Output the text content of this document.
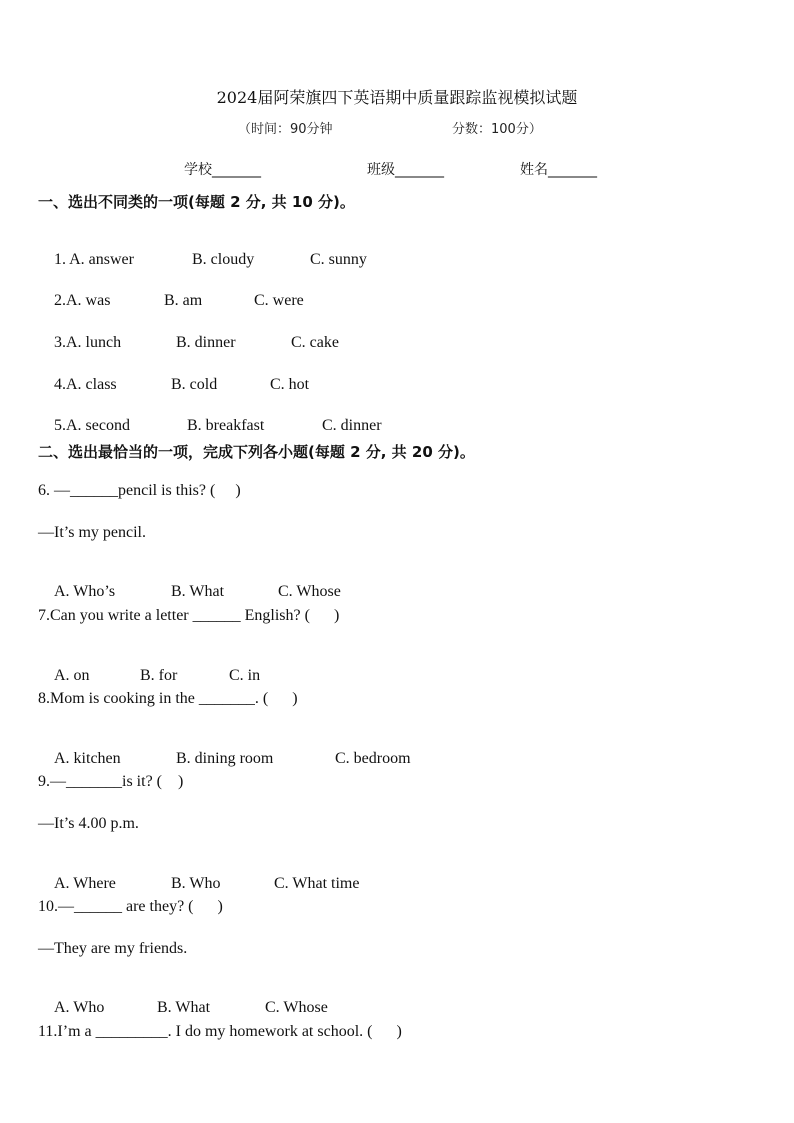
2024届阿荣旗四下英语期中质量跟踪监视模拟试题
（时间：90分钟	分数：100分）
学校_______	班级_______	姓名_______
一、选出不同类的一项(每题 2 分, 共 10 分)。

1. A. answer	B. cloudy	C. sunny

2.A. was	B. am	C. were

3.A. lunch	B. dinner	C. cake

4.A. class	B. cold	C. hot

5.A. second	B. breakfast	C. dinner

二、选出最恰当的一项，完成下列各小题(每题 2 分, 共 20 分)。
6. —______pencil is this? (     )
—It’s my pencil.

A. Who’s	B. What	C. Whose

7.Can you write a letter ______ English? (      )

A. on	B. for	C. in

8.Mom is cooking in the _______. (      )

A. kitchen	B. dining room	C. bedroom

9.—_______is it? (    )
—It’s 4.00 p.m.

A. Where	B. Who	C. What time

10.—______ are they? (      )
—They are my friends.

A. Who	B. What	C. Whose

11.I’m a _________. I do my homework at school. (      )
